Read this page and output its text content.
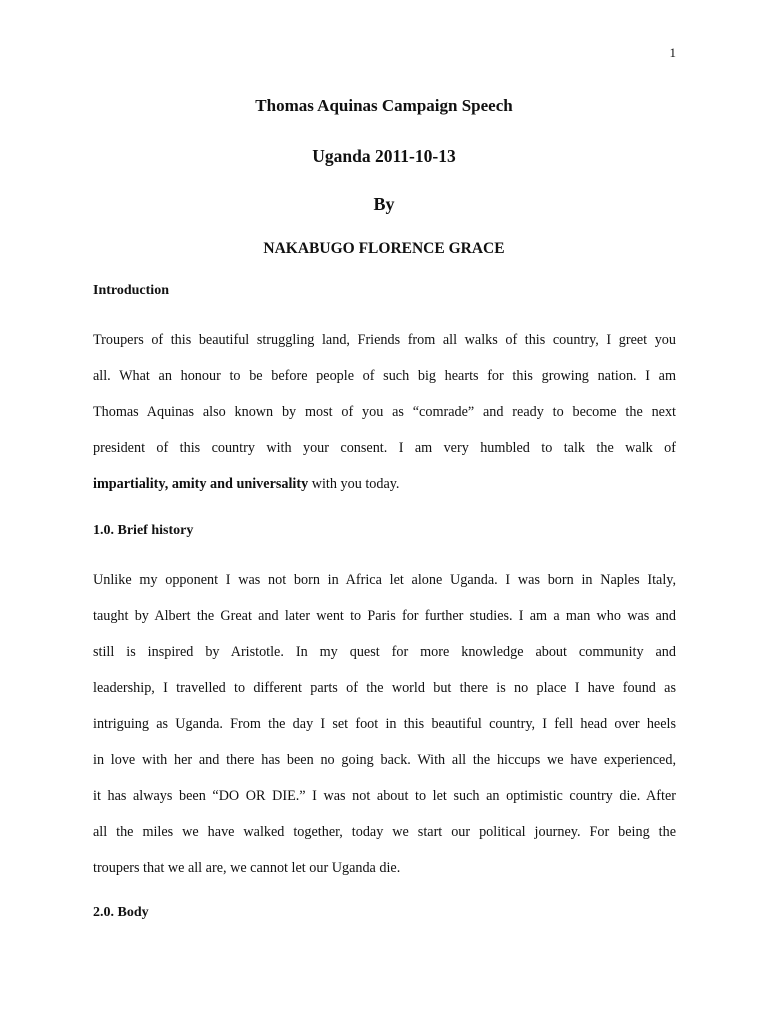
1
Thomas Aquinas Campaign Speech
Uganda 2011-10-13
By
NAKABUGO FLORENCE GRACE
Introduction
Troupers of this beautiful struggling land, Friends from all walks of this country, I greet you
all. What an honour to be before people of such big hearts for this growing nation. I am
Thomas Aquinas also known by most of you as “comrade” and ready to become the next
president of this country with your consent. I am very humbled to talk the walk of
impartiality, amity and universality with you today.
1.0. Brief history
Unlike my opponent I was not born in Africa let alone Uganda. I was born in Naples Italy,
taught by Albert the Great and later went to Paris for further studies. I am a man who was and
still is inspired by Aristotle. In my quest for more knowledge about community and
leadership, I travelled to different parts of the world but there is no place I have found as
intriguing as Uganda. From the day I set foot in this beautiful country, I fell head over heels
in love with her and there has been no going back. With all the hiccups we have experienced,
it has always been “DO OR DIE.” I was not about to let such an optimistic country die. After
all the miles we have walked together, today we start our political journey. For being the
troupers that we all are, we cannot let our Uganda die.
2.0. Body
